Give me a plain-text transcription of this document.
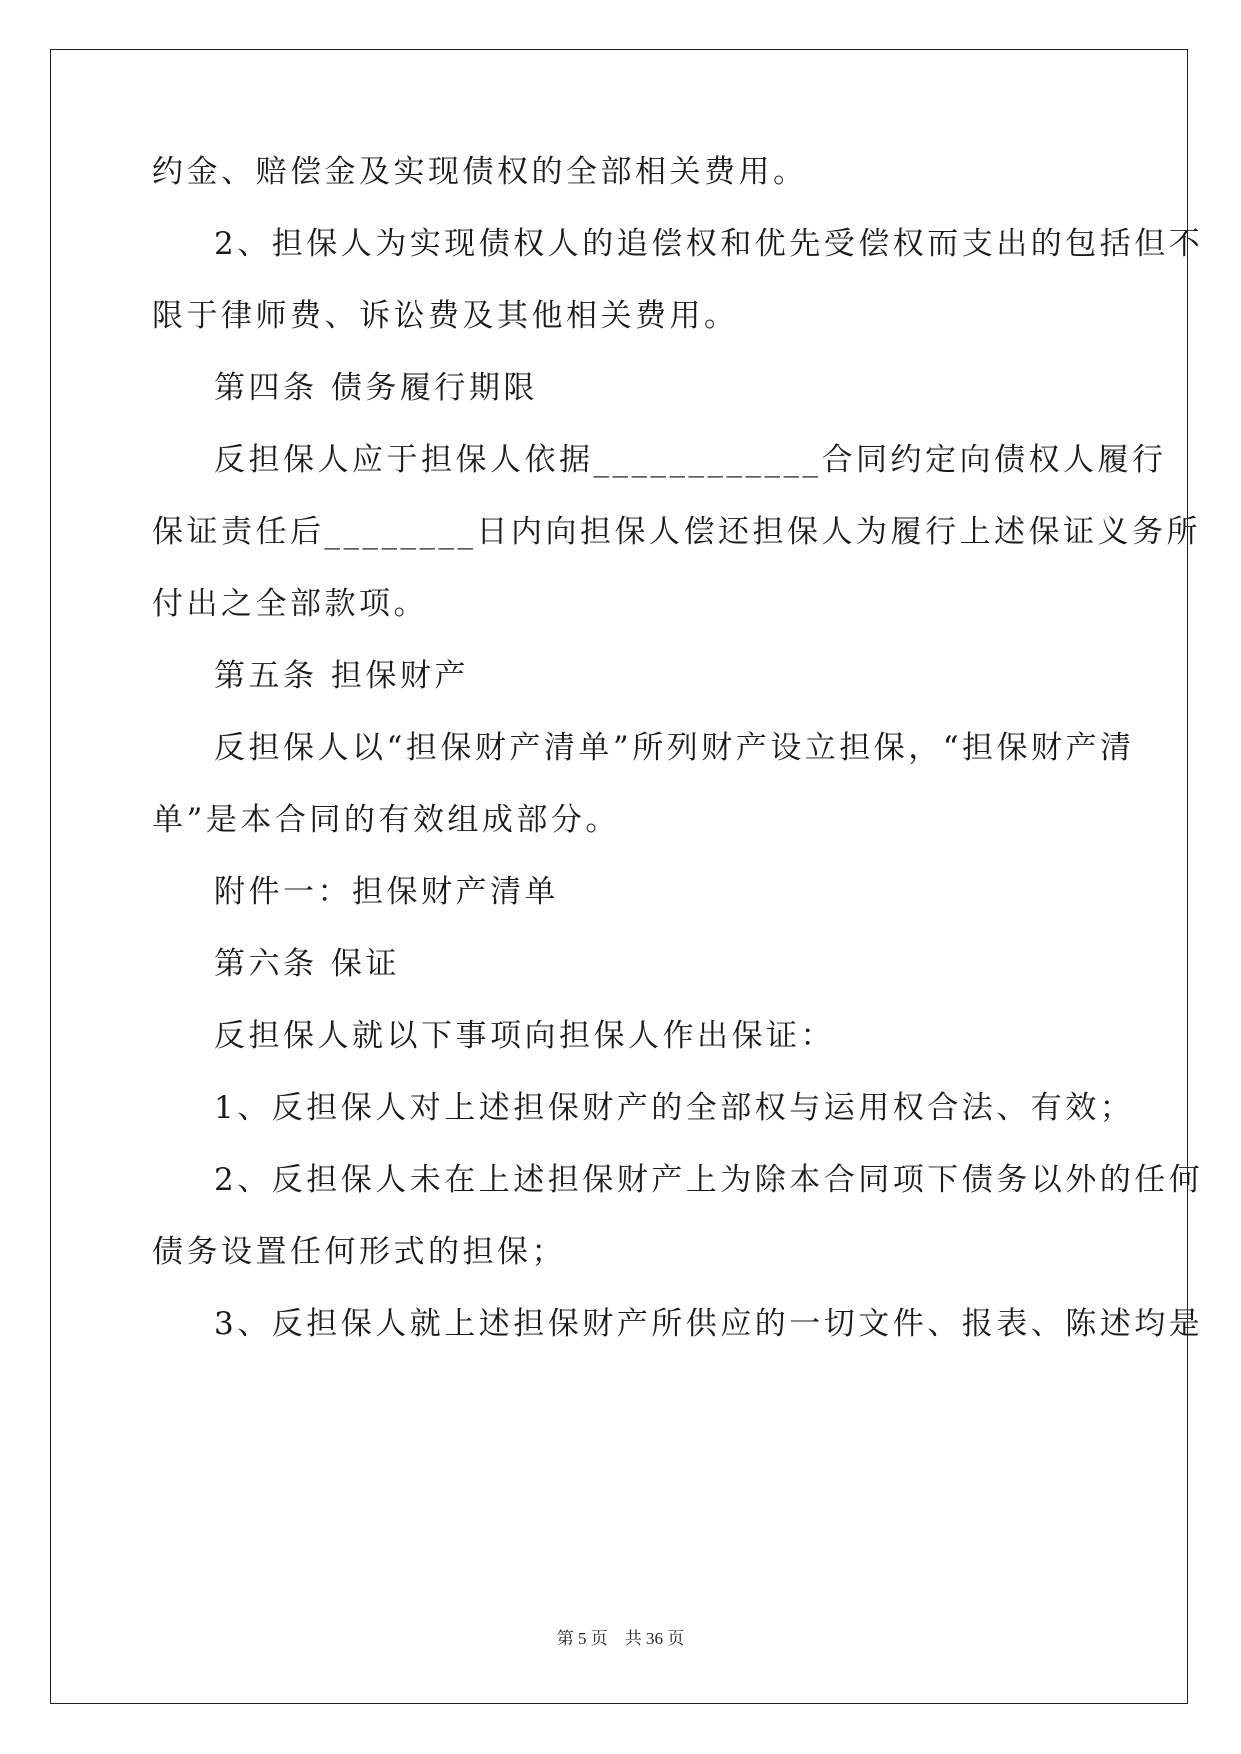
约金、赔偿金及实现债权的全部相关费用。
2、担保人为实现债权人的追偿权和优先受偿权而支出的包括但不
限于律师费、诉讼费及其他相关费用。
第四条 债务履行期限
反担保人应于担保人依据____________合同约定向债权人履行
保证责任后________日内向担保人偿还担保人为履行上述保证义务所
付出之全部款项。
第五条 担保财产
反担保人以“担保财产清单”所列财产设立担保，“担保财产清
单”是本合同的有效组成部分。
附件一：担保财产清单
第六条 保证
反担保人就以下事项向担保人作出保证：
1、反担保人对上述担保财产的全部权与运用权合法、有效；
2、反担保人未在上述担保财产上为除本合同项下债务以外的任何
债务设置任何形式的担保；
3、反担保人就上述担保财产所供应的一切文件、报表、陈述均是
第 5 页　共 36 页
